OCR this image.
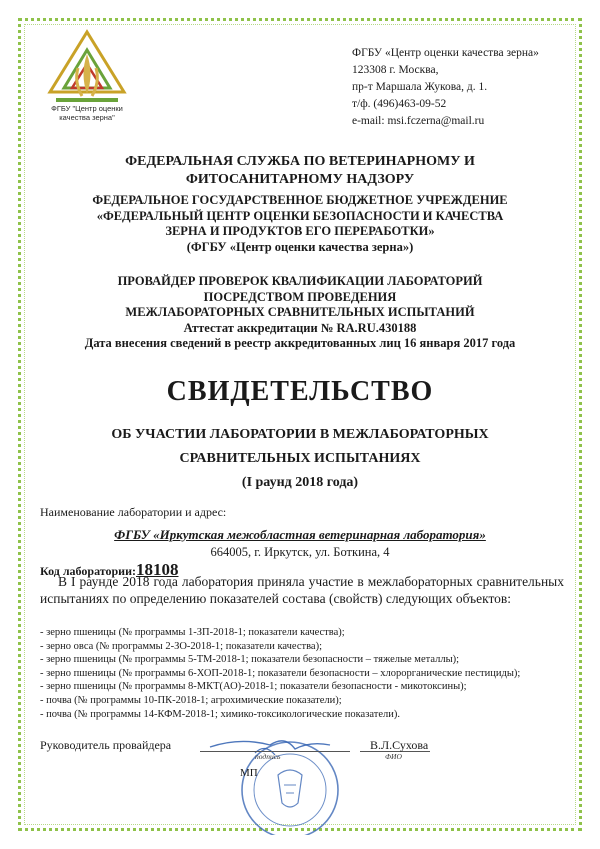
ФГБУ "Центр оценки
качества зерна"
ФГБУ «Центр оценки качества зерна»
123308 г. Москва,
пр-т Маршала Жукова, д. 1.
т/ф. (496)463-09-52
e-mail: msi.fczerna@mail.ru
ФЕДЕРАЛЬНАЯ СЛУЖБА ПО ВЕТЕРИНАРНОМУ И
ФИТОСАНИТАРНОМУ НАДЗОРУ
ФЕДЕРАЛЬНОЕ ГОСУДАРСТВЕННОЕ БЮДЖЕТНОЕ УЧРЕЖДЕНИЕ
«ФЕДЕРАЛЬНЫЙ ЦЕНТР ОЦЕНКИ БЕЗОПАСНОСТИ И КАЧЕСТВА
ЗЕРНА И ПРОДУКТОВ ЕГО ПЕРЕРАБОТКИ»
(ФГБУ «Центр оценки качества зерна»)
ПРОВАЙДЕР ПРОВЕРОК КВАЛИФИКАЦИИ ЛАБОРАТОРИЙ
ПОСРЕДСТВОМ ПРОВЕДЕНИЯ
МЕЖЛАБОРАТОРНЫХ СРАВНИТЕЛЬНЫХ ИСПЫТАНИЙ
Аттестат аккредитации № RA.RU.430188
Дата внесения сведений в реестр аккредитованных лиц 16 января 2017 года
СВИДЕТЕЛЬСТВО
ОБ УЧАСТИИ ЛАБОРАТОРИИ В МЕЖЛАБОРАТОРНЫХ
СРАВНИТЕЛЬНЫХ ИСПЫТАНИЯХ
(I раунд 2018 года)
Наименование лаборатории и адрес:
ФГБУ «Иркутская межобластная ветеринарная лаборатория»
664005, г. Иркутск, ул. Боткина, 4
Код лаборатории:18108
В I раунде 2018 года лаборатория приняла участие в межлабораторных сравнительных испытаниях по определению показателей состава (свойств) следующих объектов:
- зерно пшеницы (№ программы 1-ЗП-2018-1; показатели качества);
- зерно овса (№ программы 2-ЗО-2018-1; показатели качества);
- зерно пшеницы (№ программы 5-ТМ-2018-1; показатели безопасности – тяжелые металлы);
- зерно пшеницы (№ программы 6-ХОП-2018-1; показатели безопасности – хлорорганические пестициды);
- зерно пшеницы (№ программы 8-МКТ(АО)-2018-1; показатели безопасности - микотоксины);
- почва (№ программы 10-ПК-2018-1; агрохимические показатели);
- почва (№ программы 14-КФМ-2018-1; химико-токсикологические показатели).
Руководитель провайдера	В.Л.Сухова
подпись	ФИО
МП
